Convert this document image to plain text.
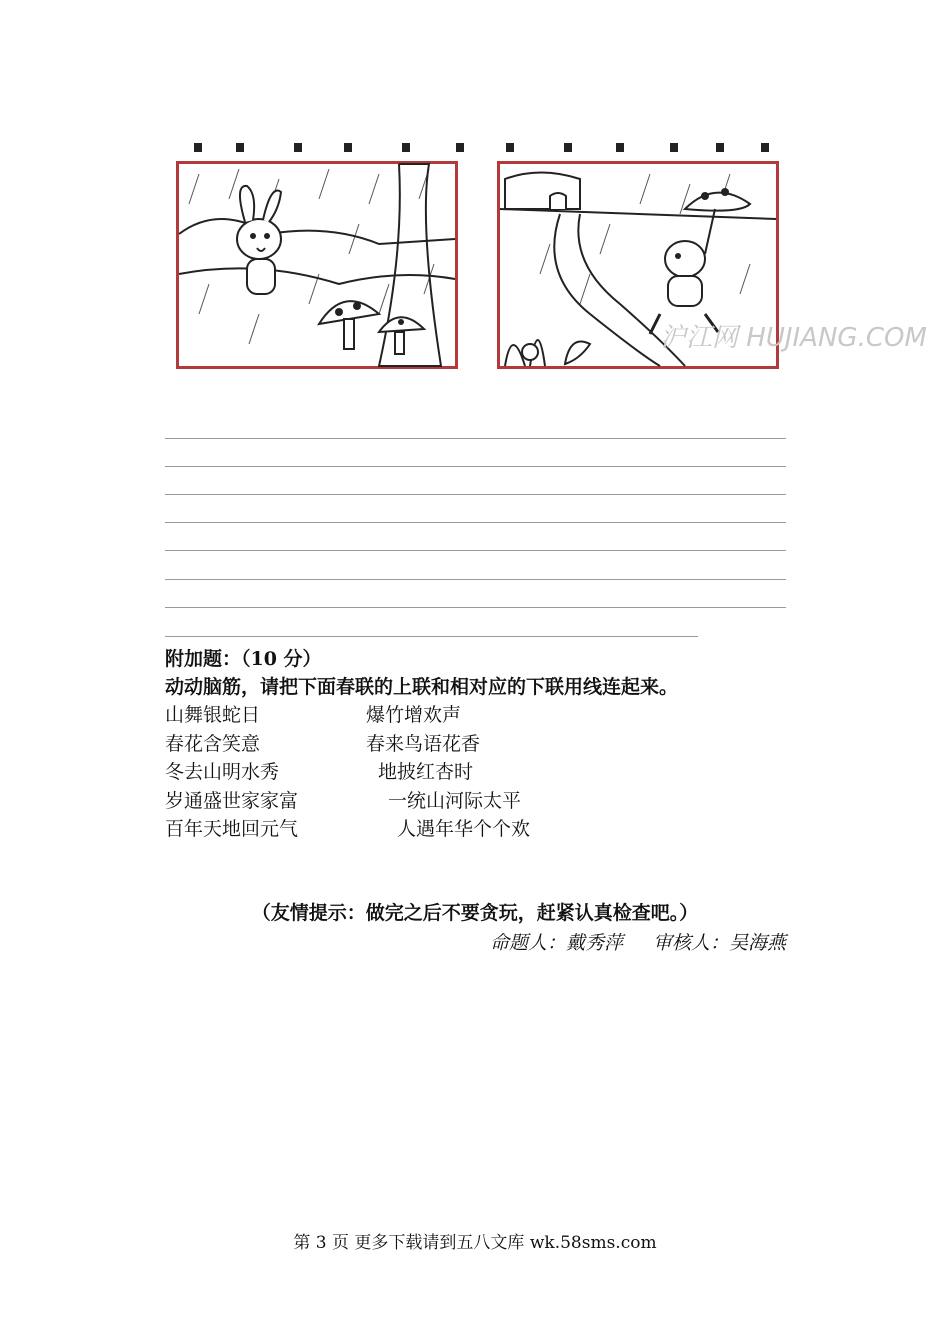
沪江网 HUJIANG.COM
附加题：（10 分）
动动脑筋，请把下面春联的上联和相对应的下联用线连起来。
山舞银蛇日	爆竹增欢声
春花含笑意	春来鸟语花香
冬去山明水秀	地披红杏时
岁通盛世家家富	一统山河际太平
百年天地回元气	人遇年华个个欢
（友情提示：做完之后不要贪玩，赶紧认真检查吧。）
命题人：戴秀萍 审核人：吴海燕
第 3 页 更多下载请到五八文库 wk.58sms.com
